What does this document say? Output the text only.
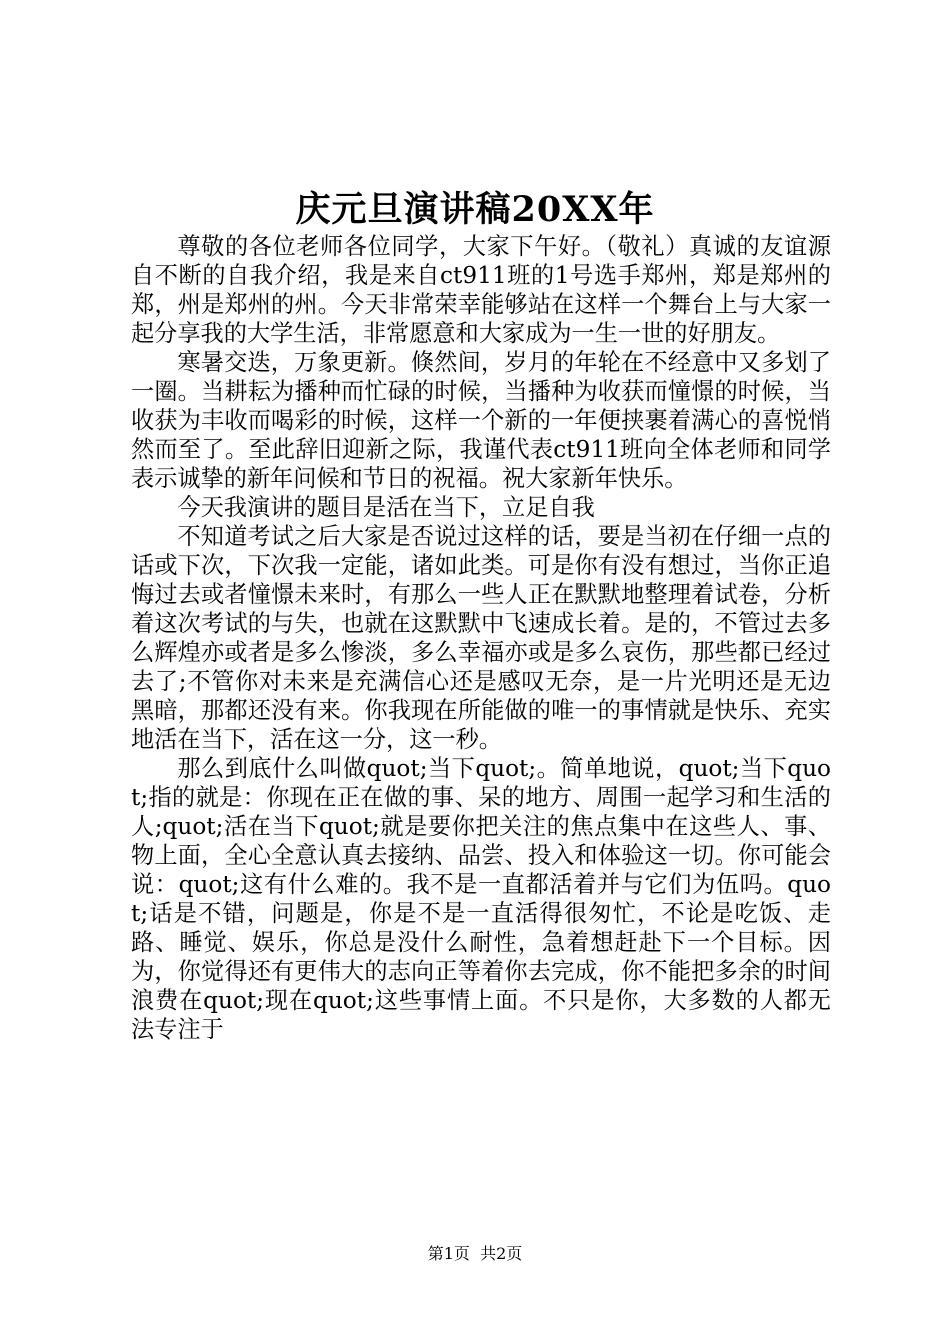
庆元旦演讲稿20XX年

尊敬的各位老师各位同学，大家下午好。（敬礼）真诚的友谊源自不断的自我介绍，我是来自ct911班的1号选手郑州，郑是郑州的郑，州是郑州的州。今天非常荣幸能够站在这样一个舞台上与大家一起分享我的大学生活，非常愿意和大家成为一生一世的好朋友。

寒暑交迭，万象更新。倏然间，岁月的年轮在不经意中又多划了一圈。当耕耘为播种而忙碌的时候，当播种为收获而憧憬的时候，当收获为丰收而喝彩的时候，这样一个新的一年便挟裹着满心的喜悦悄然而至了。至此辞旧迎新之际，我谨代表ct911班向全体老师和同学表示诚挚的新年问候和节日的祝福。祝大家新年快乐。

今天我演讲的题目是活在当下，立足自我

不知道考试之后大家是否说过这样的话，要是当初在仔细一点的话或下次，下次我一定能，诸如此类。可是你有没有想过，当你正追悔过去或者憧憬未来时，有那么一些人正在默默地整理着试卷，分析着这次考试的与失，也就在这默默中飞速成长着。是的，不管过去多么辉煌亦或者是多么惨淡，多么幸福亦或是多么哀伤，那些都已经过去了;不管你对未来是充满信心还是感叹无奈，是一片光明还是无边黑暗，那都还没有来。你我现在所能做的唯一的事情就是快乐、充实地活在当下，活在这一分，这一秒。

那么到底什么叫做quot;当下quot;。简单地说，quot;当下quot;指的就是：你现在正在做的事、呆的地方、周围一起学习和生活的人;quot;活在当下quot;就是要你把关注的焦点集中在这些人、事、物上面，全心全意认真去接纳、品尝、投入和体验这一切。你可能会说：quot;这有什么难的。我不是一直都活着并与它们为伍吗。quot;话是不错，问题是，你是不是一直活得很匆忙，不论是吃饭、走路、睡觉、娱乐，你总是没什么耐性，急着想赶赴下一个目标。因为，你觉得还有更伟大的志向正等着你去完成，你不能把多余的时间浪费在quot;现在quot;这些事情上面。不只是你，大多数的人都无法专注于

第1页  共2页
